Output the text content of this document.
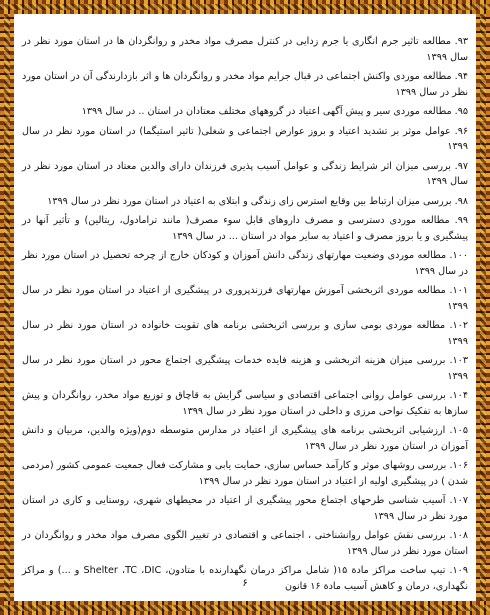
۹۳. مطالعه تاثیر جرم انگاری یا جرم زدایی در کنترل مصرف مواد مخدر و روانگردان ها در استان مورد نظر در سال ۱۳۹۹

۹۴. مطالعه موردی واکنش اجتماعی در قبال جرایم مواد مخدر و روانگردان ها و اثر بازدارندگی آن در استان مورد نظر در سال ۱۳۹۹

۹۵. مطالعه موردی سیر و پیش آگهی اعتیاد در گروههای مختلف معتادان در استان .. در سال ۱۳۹۹

۹۶. عوامل موثر بر تشدید اعتیاد و بروز عوارض اجتماعی و شغلی( تاثیر استیگما) در استان مورد نظر در سال ۱۳۹۹

۹۷. بررسی میزان اثر شرایط زندگی و عوامل آسیب پذیری فرزندان دارای والدین معتاد در استان مورد نظر در سال ۱۳۹۹

۹۸. بررسی میزان ارتباط بین وقایع استرس زای زندگی و ابتلای به اعتیاد در استان مورد نظر در سال ۱۳۹۹

۹۹. مطالعه موردی دسترسی و مصرف داروهای قابل سوء مصرف( مانند ترامادول، ریتالین) و تأثیر آنها در پیشگیری و یا بروز مصرف و اعتیاد به سایر مواد در استان ... در سال ۱۳۹۹

۱۰۰. مطالعه موردی وضعیت مهارتهای زندگی دانش آموزان و کودکان خارج از چرخه تحصیل در استان مورد نظر در سال ۱۳۹۹

۱۰۱. مطالعه موردی اثربخشی آموزش مهارتهای فرزندپروری در پیشگیری از اعتیاد در استان مورد نظر در سال ۱۳۹۹

۱۰۲. مطالعه موردی بومی سازی و بررسی اثربخشی برنامه های تقویت خانواده در استان مورد نظر در سال ۱۳۹۹

۱۰۳. بررسی میزان هزینه اثربخشی و هزینه فایده خدمات پیشگیری اجتماع محور در استان مورد نظر در سال ۱۳۹۹

۱۰۴. بررسی عوامل روانی اجتماعی اقتصادی و سیاسی گرایش به قاچاق و توزیع مواد مخدر، روانگردان و پیش سازها به تفکیک نواحی مرزی و داخلی در استان مورد نظر در سال ۱۳۹۹

۱۰۵. ارزشیابی اثربخشی برنامه های پیشگیری از اعتیاد در مدارس متوسطه دوم(ویژه والدین، مربیان و دانش آموزان در استان مورد نظر در سال ۱۳۹۹

۱۰۶. بررسی روشهای موثر و کارآمد حساس سازی، حمایت یابی و مشارکت فعال جمعیت عمومی کشور (مردمی شدن ) در پیشگیری اولیه از اعتیاد در استان مورد نظر در سال ۱۳۹۹

۱۰۷. آسیب شناسی طرحهای اجتماع محور پیشگیری از اعتیاد در محیطهای شهری، روستایی و کاری در استان مورد نظر در سال ۱۳۹۹

۱۰۸. بررسی نقش عوامل روانشناختی ، اجتماعی و اقتصادی در تغییر الگوی مصرف مواد مخدر و روانگردان در استان مورد نظر در سال ۱۳۹۹

۱۰۹. تیپ ساخت مراکز مادة ۱۵( شامل مراکز درمان نگهدارنده با متادون، Shelter ،TC ،DIC و ...) و مراکز نگهداری، درمان و کاهش آسیب مادة ۱۶ قانون

۶
